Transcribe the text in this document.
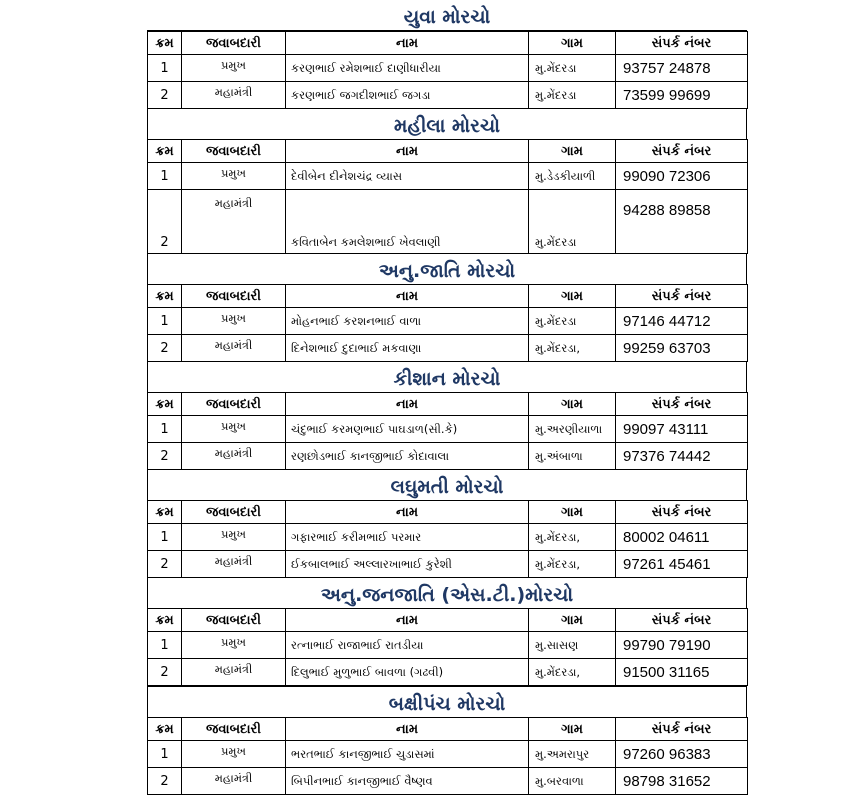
યુવા મોરચો
ક્રમ	જવાબદારી	નામ	ગામ	સંપર્ક નંબર
1	પ્રમુખ	કરણભાઈ રમેશભાઈ દાણીધારીયા	મુ.મેંદરડા	93757 24878
2	મહામંત્રી	કરણભાઈ જગદીશભાઈ જગડા	મુ.મેંદરડા	73599 99699
મહીલા મોરચો
ક્રમ	જવાબદારી	નામ	ગામ	સંપર્ક નંબર
1	પ્રમુખ	દેવીબેન દીનેશચંદ્ર વ્યાસ	મુ.ડેડકીયાળી	99090 72306
2	મહામંત્રી	કવિતાબેન કમલેશભાઈ ખેવલાણી	મુ.મેંદરડા	94288 89858
અનુ.જાતિ મોરચો
ક્રમ	જવાબદારી	નામ	ગામ	સંપર્ક નંબર
1	પ્રમુખ	મોહનભાઈ કરશનભાઈ વાળા	મુ.મેંદરડા	97146 44712
2	મહામંત્રી	દિનેશભાઈ દુદાભાઈ મકવાણા	મુ.મેંદરડા,	99259 63703
કીશાન મોરચો
ક્રમ	જવાબદારી	નામ	ગામ	સંપર્ક નંબર
1	પ્રમુખ	ચંદુભાઈ કરમણભાઈ પાઘડાળ(સી.કે)	મુ.અરણીયાળા	99097 43111
2	મહામંત્રી	રણછોડભાઈ કાનજીભાઈ કોદાવાલા	મુ.અંબાળા	97376 74442
લઘુમતી મોરચો
ક્રમ	જવાબદારી	નામ	ગામ	સંપર્ક નંબર
1	પ્રમુખ	ગફારભાઈ કરીમભાઈ પરમાર	મુ.મેંદરડા,	80002 04611
2	મહામંત્રી	ઈકબાલભાઈ અલ્લારખાભાઈ કુરેશી	મુ.મેંદરડા,	97261 45461
અનુ.જનજાતિ (એસ.ટી.)મોરચો
ક્રમ	જવાબદારી	નામ	ગામ	સંપર્ક નંબર
1	પ્રમુખ	રત્નાભાઈ રાજાભાઈ રાતડીયા	મુ.સાસણ	99790 79190
2	મહામંત્રી	દિલુભાઈ મુળુભાઈ બાવળા (ગઢવી)	મુ.મેંદરડા,	91500 31165
બક્ષીપંચ મોરચો
ક્રમ	જવાબદારી	નામ	ગામ	સંપર્ક નંબર
1	પ્રમુખ	ભરતભાઈ કાનજીભાઈ ચુડાસમાં	મુ.અમરાપુર	97260 96383
2	મહામંત્રી	બિપીનભાઈ કાનજીભાઈ વૈષ્ણવ	મુ.બરવાળા	98798 31652
